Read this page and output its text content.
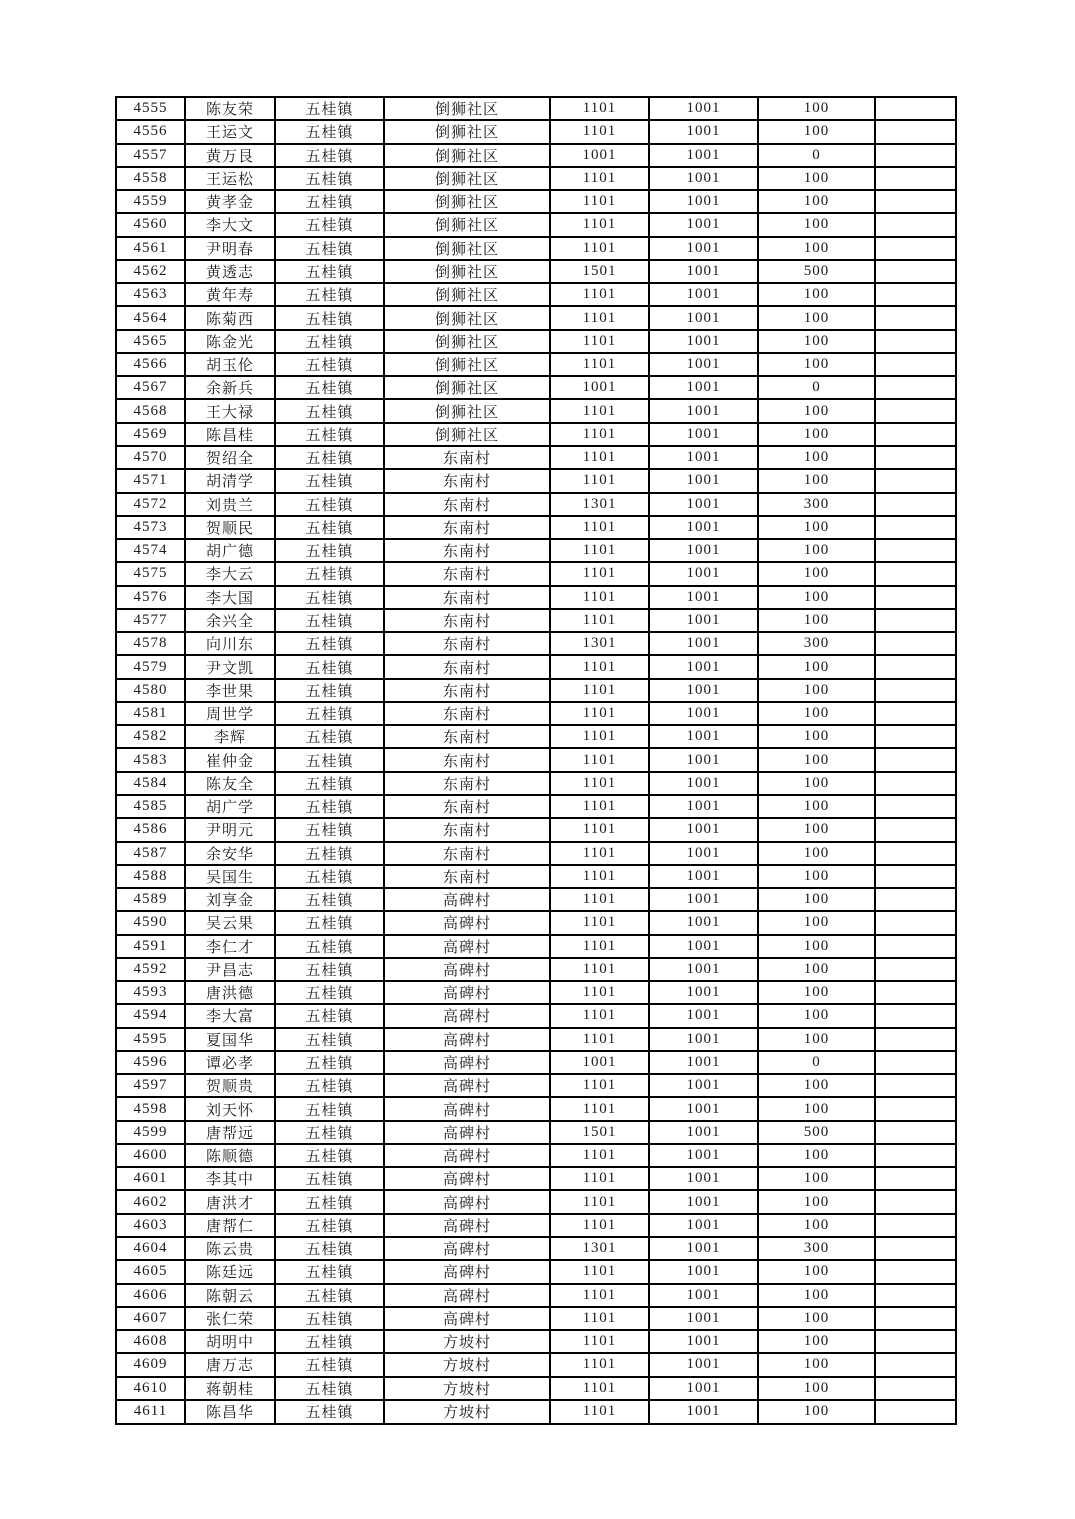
4555	陈友荣	五桂镇	倒狮社区	1101	1001	100	
4556	王运文	五桂镇	倒狮社区	1101	1001	100	
4557	黄万艮	五桂镇	倒狮社区	1001	1001	0	
4558	王运松	五桂镇	倒狮社区	1101	1001	100	
4559	黄孝金	五桂镇	倒狮社区	1101	1001	100	
4560	李大文	五桂镇	倒狮社区	1101	1001	100	
4561	尹明春	五桂镇	倒狮社区	1101	1001	100	
4562	黄透志	五桂镇	倒狮社区	1501	1001	500	
4563	黄年寿	五桂镇	倒狮社区	1101	1001	100	
4564	陈菊西	五桂镇	倒狮社区	1101	1001	100	
4565	陈金光	五桂镇	倒狮社区	1101	1001	100	
4566	胡玉伦	五桂镇	倒狮社区	1101	1001	100	
4567	余新兵	五桂镇	倒狮社区	1001	1001	0	
4568	王大禄	五桂镇	倒狮社区	1101	1001	100	
4569	陈昌桂	五桂镇	倒狮社区	1101	1001	100	
4570	贺绍全	五桂镇	东南村	1101	1001	100	
4571	胡清学	五桂镇	东南村	1101	1001	100	
4572	刘贵兰	五桂镇	东南村	1301	1001	300	
4573	贺顺民	五桂镇	东南村	1101	1001	100	
4574	胡广德	五桂镇	东南村	1101	1001	100	
4575	李大云	五桂镇	东南村	1101	1001	100	
4576	李大国	五桂镇	东南村	1101	1001	100	
4577	余兴全	五桂镇	东南村	1101	1001	100	
4578	向川东	五桂镇	东南村	1301	1001	300	
4579	尹文凯	五桂镇	东南村	1101	1001	100	
4580	李世果	五桂镇	东南村	1101	1001	100	
4581	周世学	五桂镇	东南村	1101	1001	100	
4582	李辉	五桂镇	东南村	1101	1001	100	
4583	崔仲金	五桂镇	东南村	1101	1001	100	
4584	陈友全	五桂镇	东南村	1101	1001	100	
4585	胡广学	五桂镇	东南村	1101	1001	100	
4586	尹明元	五桂镇	东南村	1101	1001	100	
4587	余安华	五桂镇	东南村	1101	1001	100	
4588	吴国生	五桂镇	东南村	1101	1001	100	
4589	刘享金	五桂镇	高碑村	1101	1001	100	
4590	吴云果	五桂镇	高碑村	1101	1001	100	
4591	李仁才	五桂镇	高碑村	1101	1001	100	
4592	尹昌志	五桂镇	高碑村	1101	1001	100	
4593	唐洪德	五桂镇	高碑村	1101	1001	100	
4594	李大富	五桂镇	高碑村	1101	1001	100	
4595	夏国华	五桂镇	高碑村	1101	1001	100	
4596	谭必孝	五桂镇	高碑村	1001	1001	0	
4597	贺顺贵	五桂镇	高碑村	1101	1001	100	
4598	刘天怀	五桂镇	高碑村	1101	1001	100	
4599	唐帮远	五桂镇	高碑村	1501	1001	500	
4600	陈顺德	五桂镇	高碑村	1101	1001	100	
4601	李其中	五桂镇	高碑村	1101	1001	100	
4602	唐洪才	五桂镇	高碑村	1101	1001	100	
4603	唐帮仁	五桂镇	高碑村	1101	1001	100	
4604	陈云贵	五桂镇	高碑村	1301	1001	300	
4605	陈廷远	五桂镇	高碑村	1101	1001	100	
4606	陈朝云	五桂镇	高碑村	1101	1001	100	
4607	张仁荣	五桂镇	高碑村	1101	1001	100	
4608	胡明中	五桂镇	方坡村	1101	1001	100	
4609	唐万志	五桂镇	方坡村	1101	1001	100	
4610	蒋朝桂	五桂镇	方坡村	1101	1001	100	
4611	陈昌华	五桂镇	方坡村	1101	1001	100	
